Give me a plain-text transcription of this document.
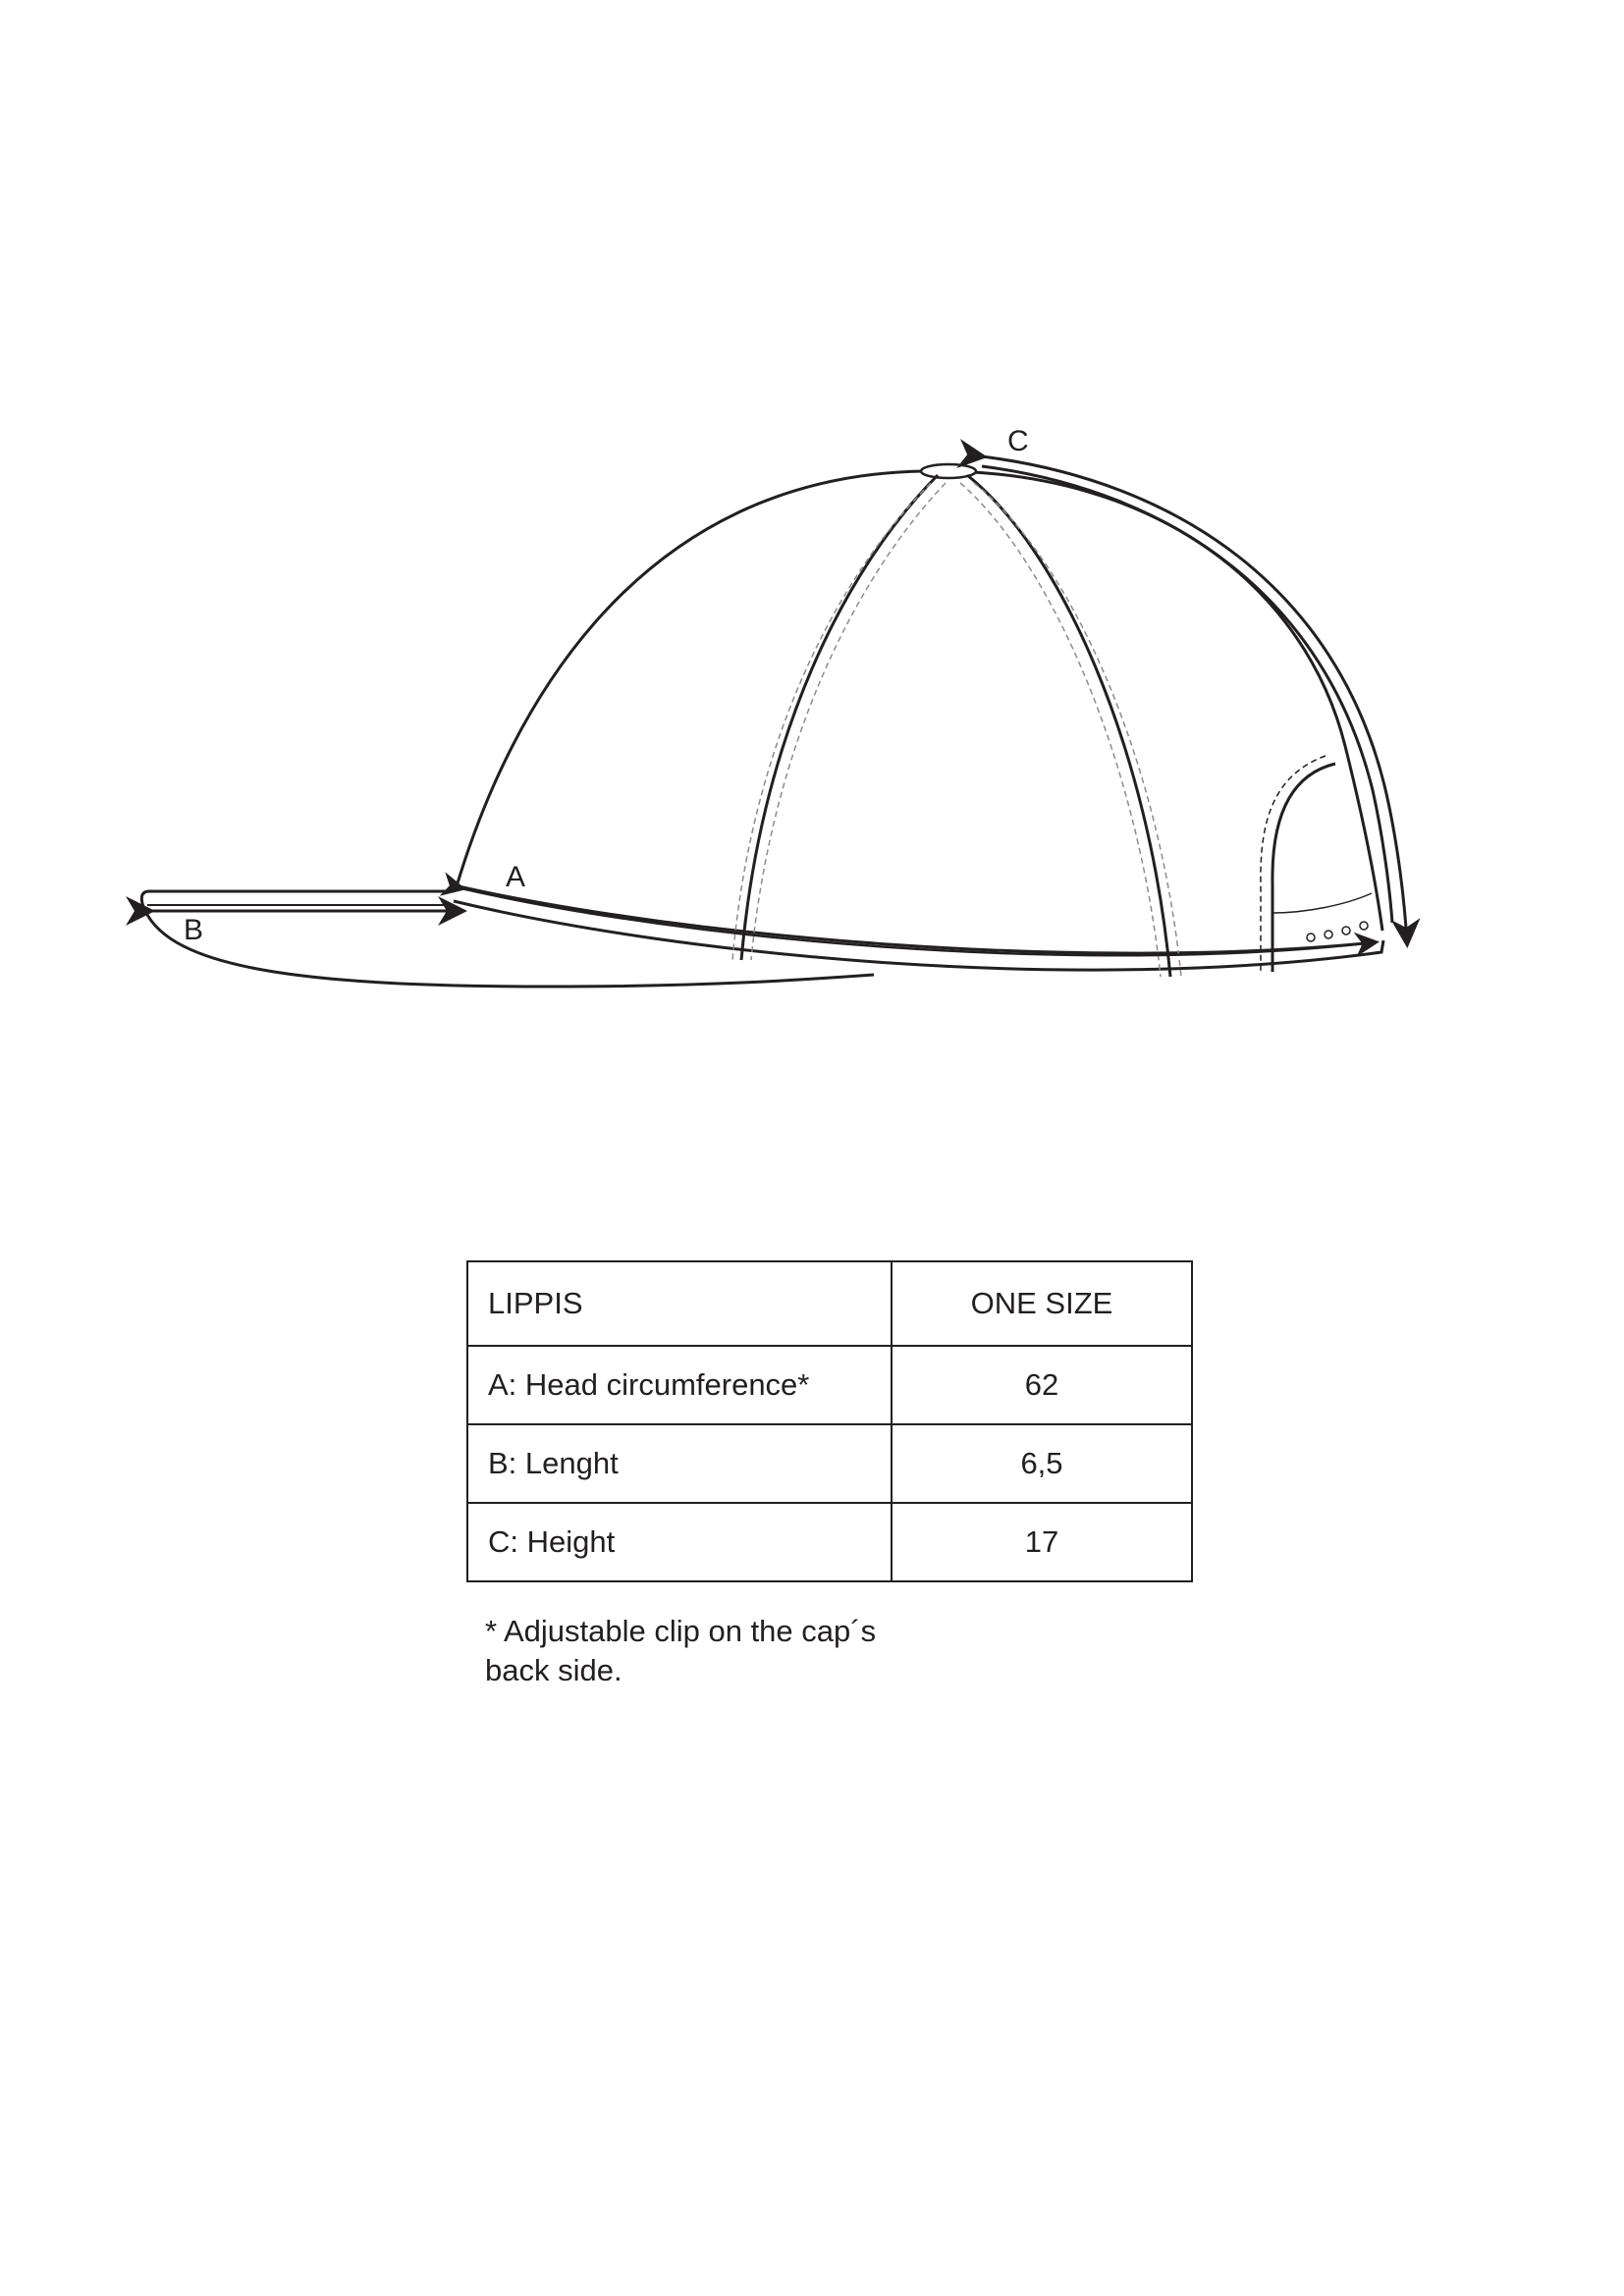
C
A
B
LIPPIS	ONE SIZE
A: Head circumference*	62
B: Lenght	6,5
C: Height	17

* Adjustable clip on the cap´s back side.
